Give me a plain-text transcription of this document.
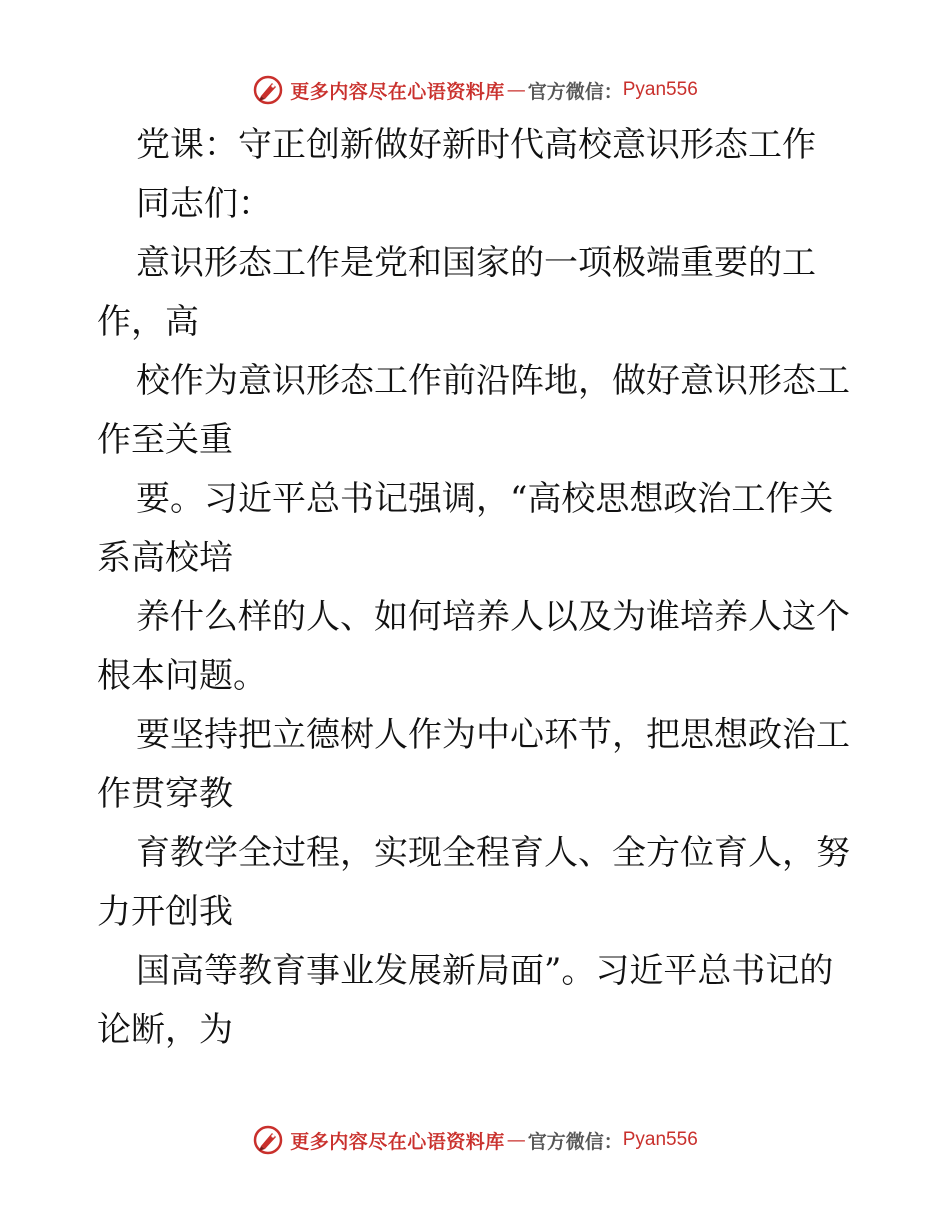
更多内容尽在心语资料库 — 官方微信： Pyan556
党课：守正创新做好新时代高校意识形态工作
同志们：
意识形态工作是党和国家的一项极端重要的工
作，高
校作为意识形态工作前沿阵地，做好意识形态工
作至关重
要。习近平总书记强调，“高校思想政治工作关
系高校培
养什么样的人、如何培养人以及为谁培养人这个
根本问题。
要坚持把立德树人作为中心环节，把思想政治工
作贯穿教
育教学全过程，实现全程育人、全方位育人，努
力开创我
国高等教育事业发展新局面”。习近平总书记的
论断，为
更多内容尽在心语资料库 — 官方微信： Pyan556
